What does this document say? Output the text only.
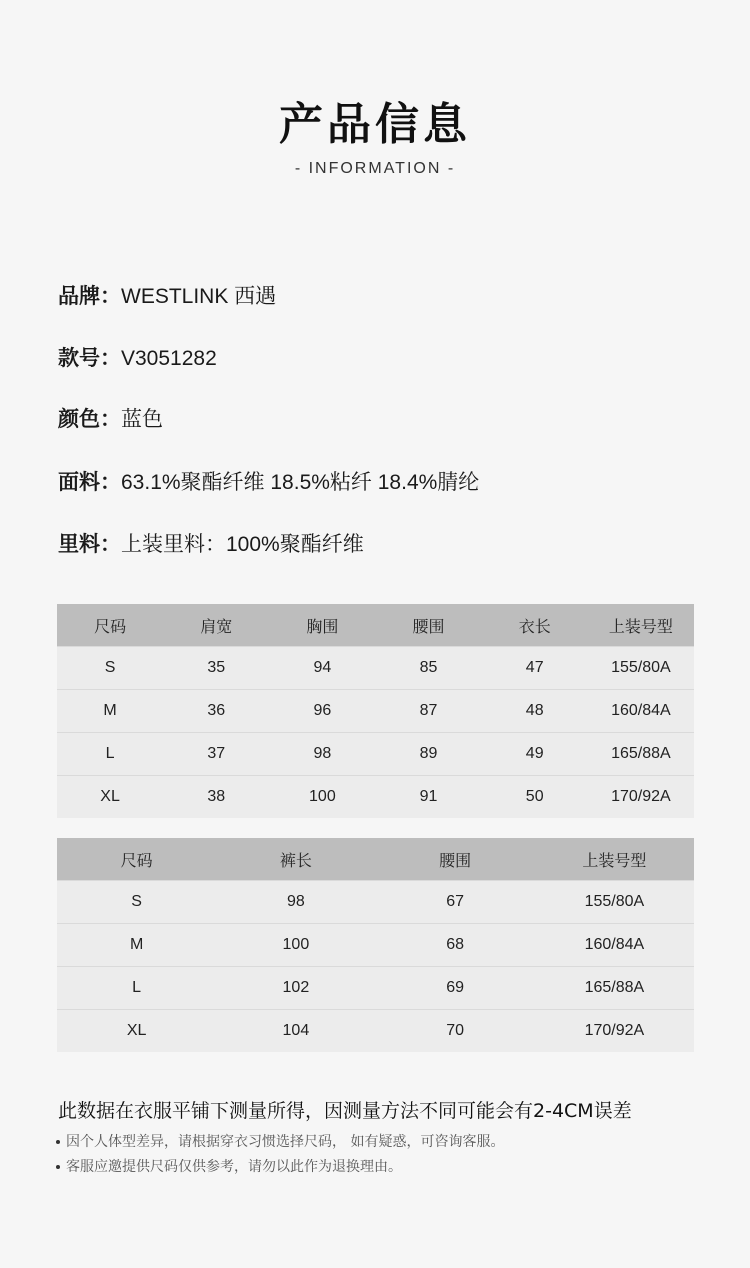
产品信息
- INFORMATION -
品牌：WESTLINK 西遇
款号：V3051282
颜色：蓝色
面料：63.1%聚酯纤维 18.5%粘纤 18.4%腈纶
里料：上装里料：100%聚酯纤维
尺码	肩宽	胸围	腰围	衣长	上装号型
S	35	94	85	47	155/80A
M	36	96	87	48	160/84A
L	37	98	89	49	165/88A
XL	38	100	91	50	170/92A
尺码	裤长	腰围	上装号型
S	98	67	155/80A
M	100	68	160/84A
L	102	69	165/88A
XL	104	70	170/92A
此数据在衣服平铺下测量所得，因测量方法不同可能会有2-4CM误差
因个人体型差异，请根据穿衣习惯选择尺码， 如有疑惑，可咨询客服。
客服应邀提供尺码仅供参考，请勿以此作为退换理由。
